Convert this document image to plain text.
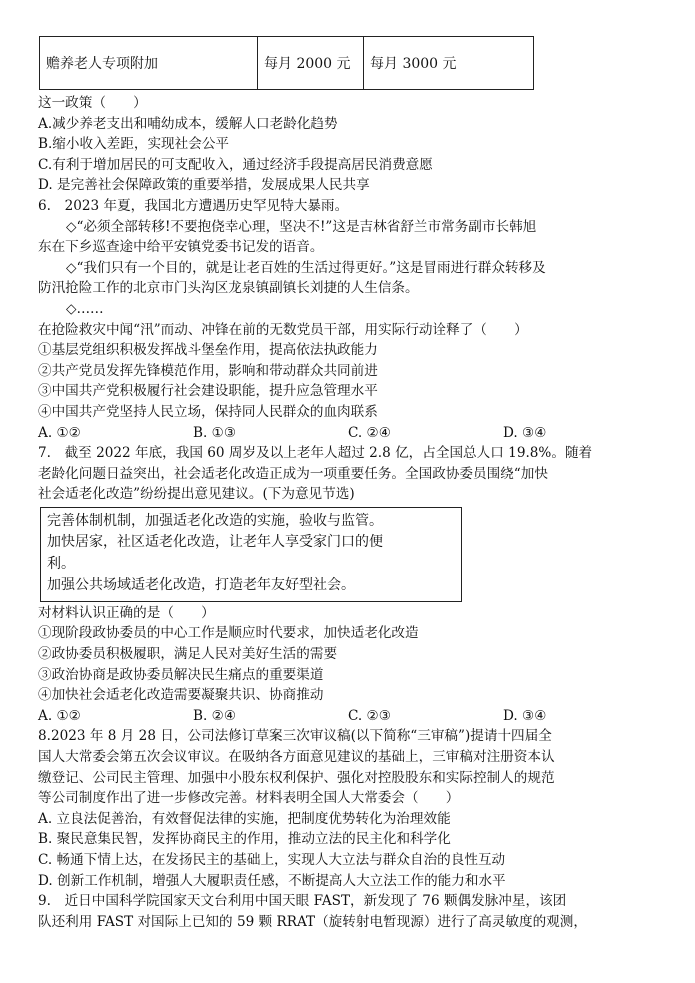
赡养老人专项附加	每月 2000 元	每月 3000 元
这一政策（　　）
A.减少养老支出和哺幼成本，缓解人口老龄化趋势
B.缩小收入差距，实现社会公平
C.有利于增加居民的可支配收入，通过经济手段提高居民消费意愿
D. 是完善社会保障政策的重要举措，发展成果人民共享
6.　2023 年夏，我国北方遭遇历史罕见特大暴雨。
◇“必须全部转移!不要抱侥幸心理，坚决不!”这是吉林省舒兰市常务副市长韩旭
东在下乡巡查途中给平安镇党委书记发的语音。
◇“我们只有一个目的，就是让老百姓的生活过得更好。”这是冒雨进行群众转移及
防汛抢险工作的北京市门头沟区龙泉镇副镇长刘捷的人生信条。
◇……
在抢险救灾中闻“汛”而动、冲锋在前的无数党员干部，用实际行动诠释了（　　）
①基层党组织积极发挥战斗堡垒作用，提高依法执政能力
②共产党员发挥先锋模范作用，影响和带动群众共同前进
③中国共产党积极履行社会建设职能，提升应急管理水平
④中国共产党坚持人民立场，保持同人民群众的血肉联系
A. ①②	B. ①③	C. ②④	D. ③④
7.　截至 2022 年底，我国 60 周岁及以上老年人超过 2.8 亿，占全国总人口 19.8%。随着
老龄化问题日益突出，社会适老化改造正成为一项重要任务。全国政协委员围绕“加快
社会适老化改造”纷纷提出意见建议。(下为意见节选)
完善体制机制，加强适老化改造的实施，验收与监管。
加快居家，社区适老化改造，让老年人享受家门口的便
利。
加强公共场域适老化改造，打造老年友好型社会。
对材料认识正确的是（　　）
①现阶段政协委员的中心工作是顺应时代要求，加快适老化改造
②政协委员积极履职，满足人民对美好生活的需要
③政治协商是政协委员解决民生痛点的重要渠道
④加快社会适老化改造需要凝聚共识、协商推动
A. ①②	B. ②④	C. ②③	D. ③④
8.2023 年 8 月 28 日，公司法修订草案三次审议稿(以下简称“三审稿”)提请十四届全
国人大常委会第五次会议审议。在吸纳各方面意见建议的基础上，三审稿对注册资本认
缴登记、公司民主管理、加强中小股东权利保护、强化对控股股东和实际控制人的规范
等公司制度作出了进一步修改完善。材料表明全国人大常委会（　　）
A. 立良法促善治，有效督促法律的实施，把制度优势转化为治理效能
B. 聚民意集民智，发挥协商民主的作用，推动立法的民主化和科学化
C. 畅通下情上达，在发扬民主的基础上，实现人大立法与群众自治的良性互动
D. 创新工作机制，增强人大履职责任感，不断提高人大立法工作的能力和水平
9.　近日中国科学院国家天文台利用中国天眼 FAST，新发现了 76 颗偶发脉冲星，该团
队还利用 FAST 对国际上已知的 59 颗 RRAT（旋转射电暂现源）进行了高灵敏度的观测，
